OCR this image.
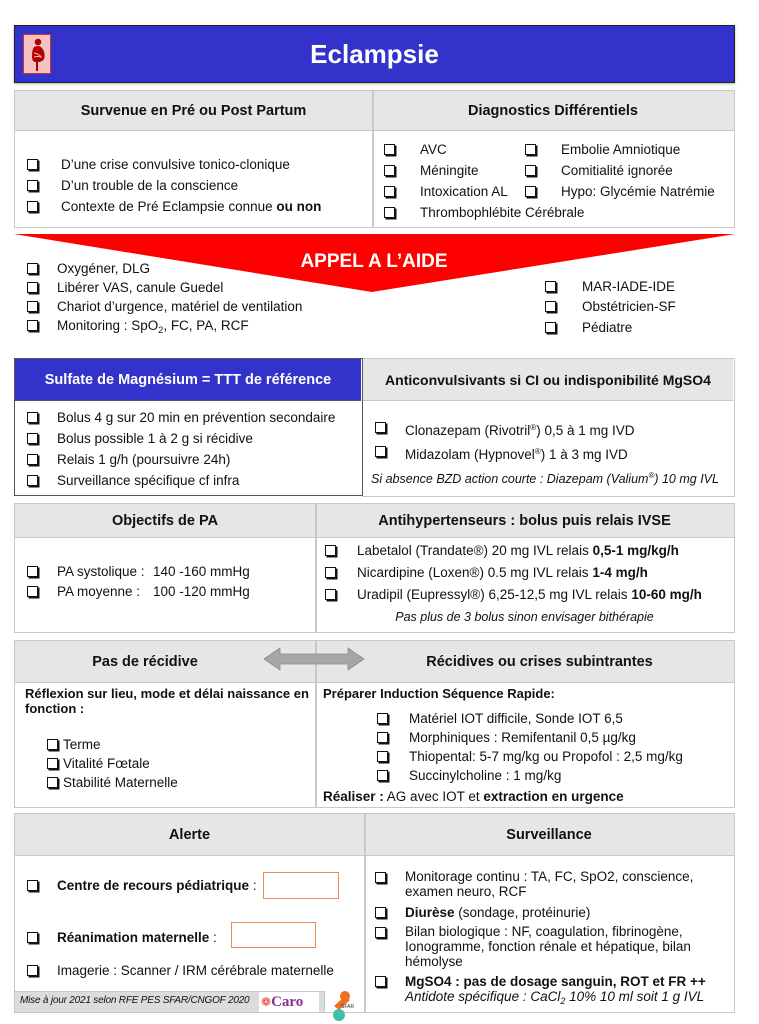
Eclampsie
Survenue en Pré ou Post Partum	Diagnostics Différentiels
D’une crise convulsive tonico-clonique
D’un trouble de la conscience
Contexte de Pré Eclampsie connue ou non
AVC
Méningite
Intoxication AL
Thrombophlébite Cérébrale
Embolie Amniotique
Comitialité ignorée
Hypo: Glycémie Natrémie
APPEL A L’AIDE
Oxygéner, DLG
Libérer VAS, canule Guedel
Chariot d’urgence, matériel de ventilation
Monitoring : SpO$_2$, FC, PA, RCF
MAR-IADE-IDE
Obstétricien-SF
Pédiatre
Anticonvulsivants si CI ou indisponibilité MgSO4
Clonazepam (Rivotril®) 0,5 à 1 mg IVD
Midazolam (Hypnovel®) 1 à 3 mg IVD
Si absence BZD action courte : Diazepam (Valium®) 10 mg IVL
Sulfate de Magnésium = TTT de référence
Bolus 4 g sur 20 min en prévention secondaire
Bolus possible 1 à 2 g si récidive
Relais 1 g/h (poursuivre 24h)
Surveillance spécifique cf infra
Objectifs de PA	Antihypertenseurs : bolus puis relais IVSE
PA systolique : 140 -160 mmHg
PA moyenne : 100 -120 mmHg
Labetalol (Trandate®) 20 mg IVL relais 0,5-1 mg/kg/h
Nicardipine (Loxen®) 0.5 mg IVL relais 1-4 mg/h
Uradipil (Eupressyl®) 6,25-12,5 mg IVL relais 10-60 mg/h
Pas plus de 3 bolus sinon envisager bithérapie
Pas de récidive	Récidives ou crises subintrantes
Réflexion sur lieu, mode et délai naissance en fonction :
Terme
Vitalité Fœtale
Stabilité Maternelle
Préparer Induction Séquence Rapide:
Matériel IOT difficile, Sonde IOT 6,5
Morphiniques : Remifentanil 0,5 µg/kg
Thiopental: 5-7 mg/kg ou Propofol : 2,5 mg/kg
Succinylcholine : 1 mg/kg
Réaliser : AG avec IOT et extraction en urgence
Alerte	Surveillance
Centre de recours pédiatrique :
Réanimation maternelle :
Imagerie : Scanner / IRM cérébrale maternelle
Monitorage continu : TA, FC, SpO2, conscience, examen neuro, RCF
Diurèse (sondage, protéinurie)
Bilan biologique : NF, coagulation, fibrinogène, Ionogramme, fonction rénale et hépatique, bilan hémolyse
MgSO4 : pas de dosage sanguin, ROT et FR ++
Antidote spécifique : CaCl$_2$ 10% 10 ml soit 1 g IVL
Mise à jour 2021 selon RFE PES SFAR/CNGOF 2020 ❁ Caro	SFAR
